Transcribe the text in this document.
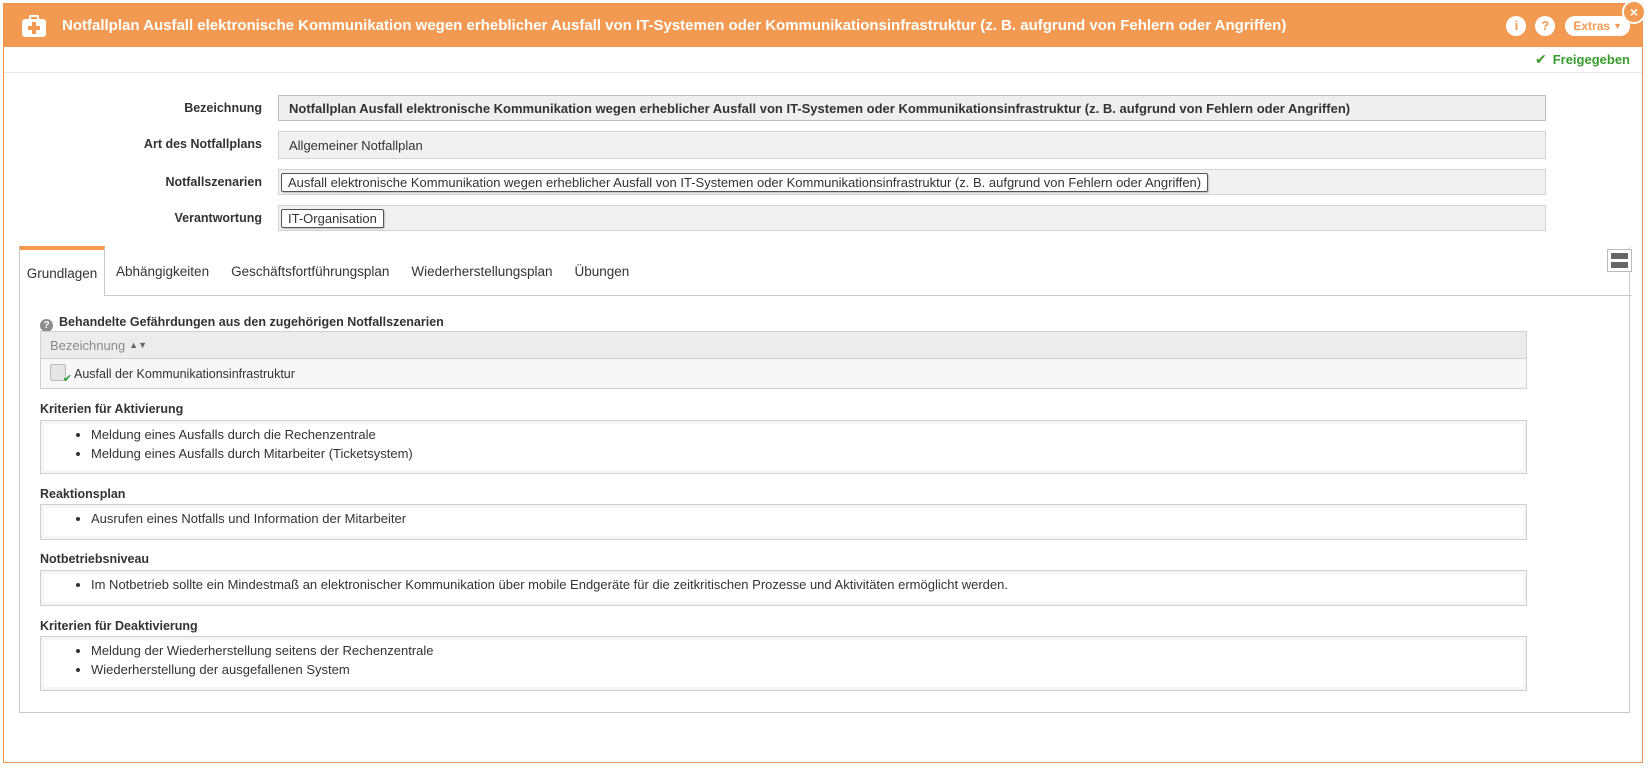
Notfallplan Ausfall elektronische Kommunikation wegen erheblicher Ausfall von IT-Systemen oder Kommunikationsinfrastruktur (z. B. aufgrund von Fehlern oder Angriffen)	i	?	Extras ▼
×
✔ Freigegeben
Bezeichnung	Notfallplan Ausfall elektronische Kommunikation wegen erheblicher Ausfall von IT-Systemen oder Kommunikationsinfrastruktur (z. B. aufgrund von Fehlern oder Angriffen)
Art des Notfallplans	Allgemeiner Notfallplan
Notfallszenarien	Ausfall elektronische Kommunikation wegen erheblicher Ausfall von IT-Systemen oder Kommunikationsinfrastruktur (z. B. aufgrund von Fehlern oder Angriffen)
Verantwortung	IT-Organisation
Grundlagen	Abhängigkeiten	Geschäftsfortführungsplan	Wiederherstellungsplan	Übungen
? Behandelte Gefährdungen aus den zugehörigen Notfallszenarien
Bezeichnung ▲▼
✔ Ausfall der Kommunikationsinfrastruktur
Kriterien für Aktivierung
• Meldung eines Ausfalls durch die Rechenzentrale
• Meldung eines Ausfalls durch Mitarbeiter (Ticketsystem)
Reaktionsplan
• Ausrufen eines Notfalls und Information der Mitarbeiter
Notbetriebsniveau
• Im Notbetrieb sollte ein Mindestmaß an elektronischer Kommunikation über mobile Endgeräte für die zeitkritischen Prozesse und Aktivitäten ermöglicht werden.
Kriterien für Deaktivierung
• Meldung der Wiederherstellung seitens der Rechenzentrale
• Wiederherstellung der ausgefallenen System
